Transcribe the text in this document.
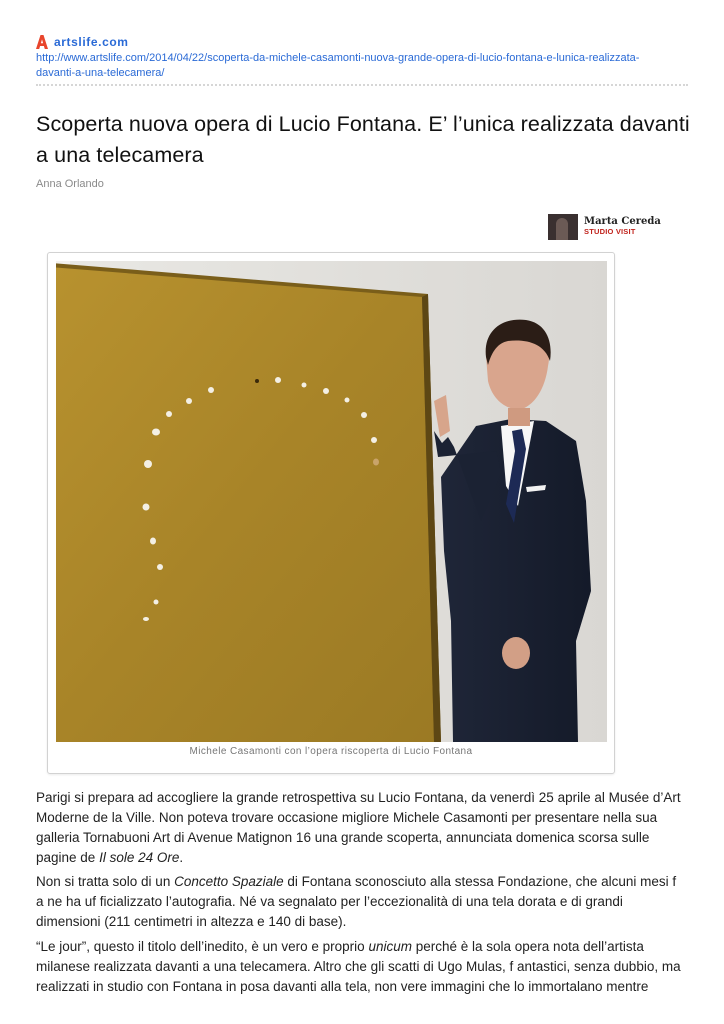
artslife.com
http://www.artslife.com/2014/04/22/scoperta-da-michele-casamonti-nuova-grande-opera-di-lucio-fontana-e-lunica-realizzata-davanti-a-una-telecamera/
Scoperta nuova opera di Lucio Fontana. E’ l’unica realizzata davanti a una telecamera
Anna Orlando
Marta Cereda
STUDIO VISIT
Michele Casamonti con l’opera riscoperta di Lucio Fontana

Parigi si prepara ad accogliere la grande retrospettiva su Lucio Fontana, da venerdì 25 aprile al Musée d’Art Moderne de la Ville. Non poteva trovare occasione migliore Michele Casamonti per presentare nella sua galleria Tornabuoni Art di Avenue Matignon 16 una grande scoperta, annunciata domenica scorsa sulle pagine de Il sole 24 Ore.

Non si tratta solo di un Concetto Spaziale di Fontana sconosciuto alla stessa Fondazione, che alcuni mesi f a ne ha uf ficializzato l’autografia. Né va segnalato per l’eccezionalità di una tela dorata e di grandi dimensioni (211 centimetri in altezza e 140 di base).

“Le jour”, questo il titolo dell’inedito, è un vero e proprio unicum perché è la sola opera nota dell’artista milanese realizzata davanti a una telecamera. Altro che gli scatti di Ugo Mulas, f antastici, senza dubbio, ma realizzati in studio con Fontana in posa davanti alla tela, non vere immagini che lo immortalano mentre
